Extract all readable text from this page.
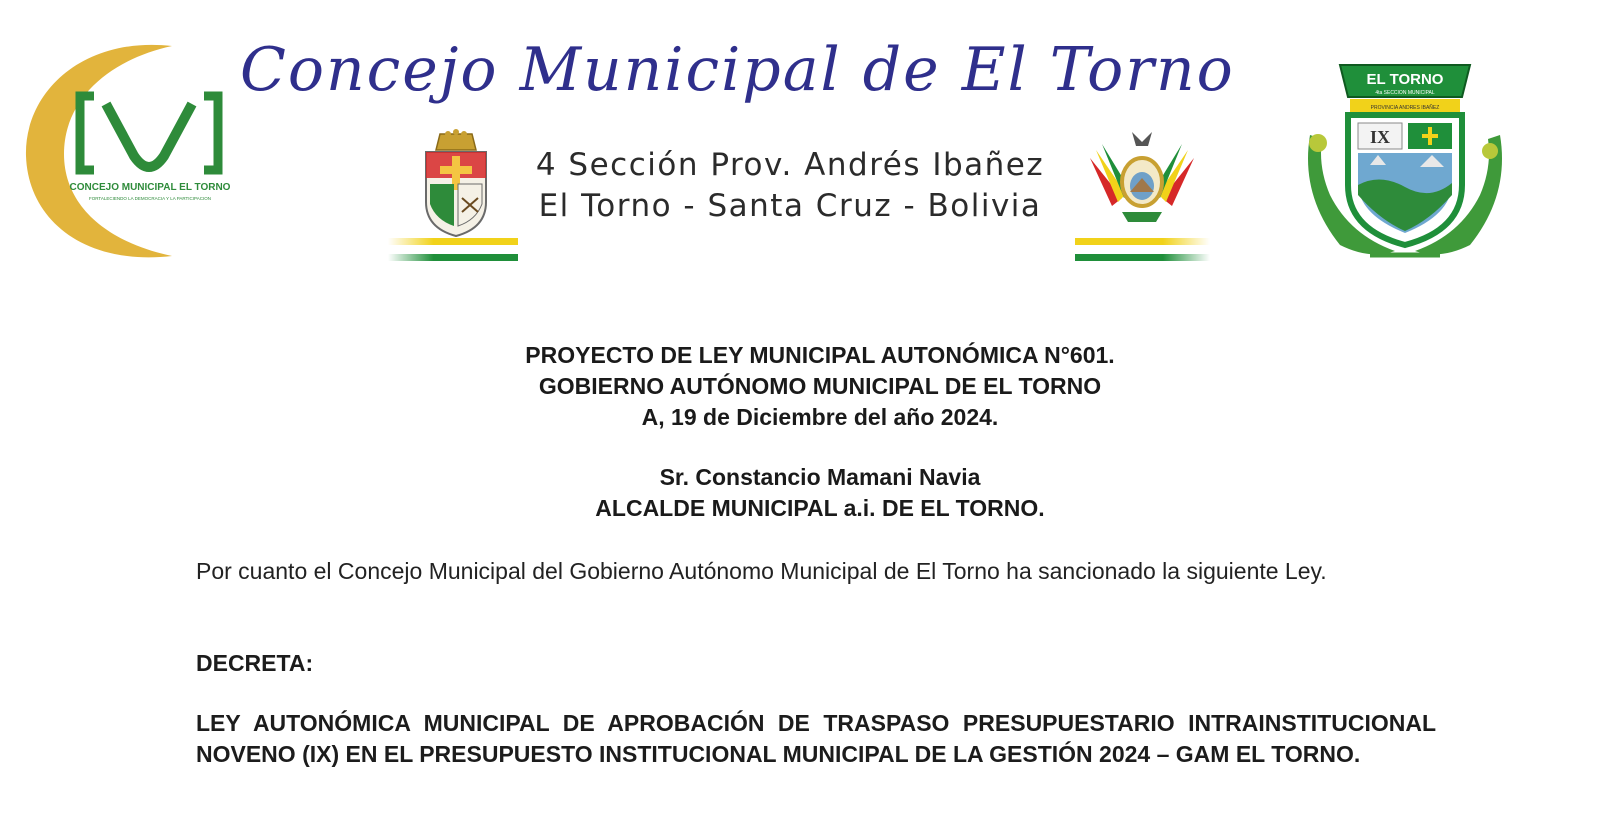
CONCEJO MUNICIPAL EL TORNO
FORTALECIENDO LA DEMOCRACIA Y LA PARTICIPACION
Concejo Municipal de El Torno
4 Sección Prov. Andrés Ibañez
El Torno - Santa Cruz - Bolivia
EL TORNO
4ta SECCION MUNICIPAL
PROVINCIA ANDRES IBAÑEZ
IX
PROYECTO DE LEY MUNICIPAL AUTONÓMICA N°601.
GOBIERNO AUTÓNOMO MUNICIPAL DE EL TORNO
A, 19 de Diciembre del año 2024.
Sr. Constancio Mamani Navia
ALCALDE MUNICIPAL a.i. DE EL TORNO.
Por cuanto el Concejo Municipal del Gobierno Autónomo Municipal de El Torno ha sancionado la siguiente Ley.
DECRETA:
LEY AUTONÓMICA MUNICIPAL DE APROBACIÓN DE TRASPASO PRESUPUESTARIO INTRAINSTITUCIONAL NOVENO (IX) EN EL PRESUPUESTO INSTITUCIONAL MUNICIPAL DE LA GESTIÓN 2024 – GAM EL TORNO.
